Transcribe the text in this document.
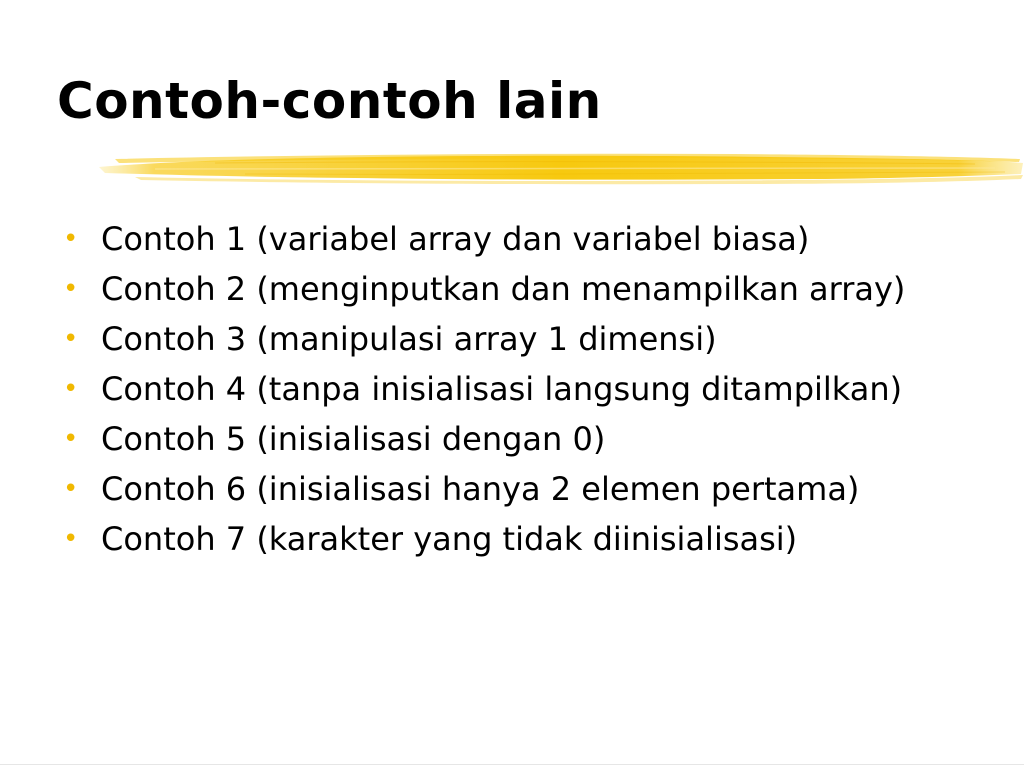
Contoh-contoh lain
• Contoh 1 (variabel array dan variabel biasa)
• Contoh 2 (menginputkan dan menampilkan array)
• Contoh 3 (manipulasi array 1 dimensi)
• Contoh 4 (tanpa inisialisasi langsung ditampilkan)
• Contoh 5 (inisialisasi dengan 0)
• Contoh 6 (inisialisasi hanya 2 elemen pertama)
• Contoh 7 (karakter yang tidak diinisialisasi)
